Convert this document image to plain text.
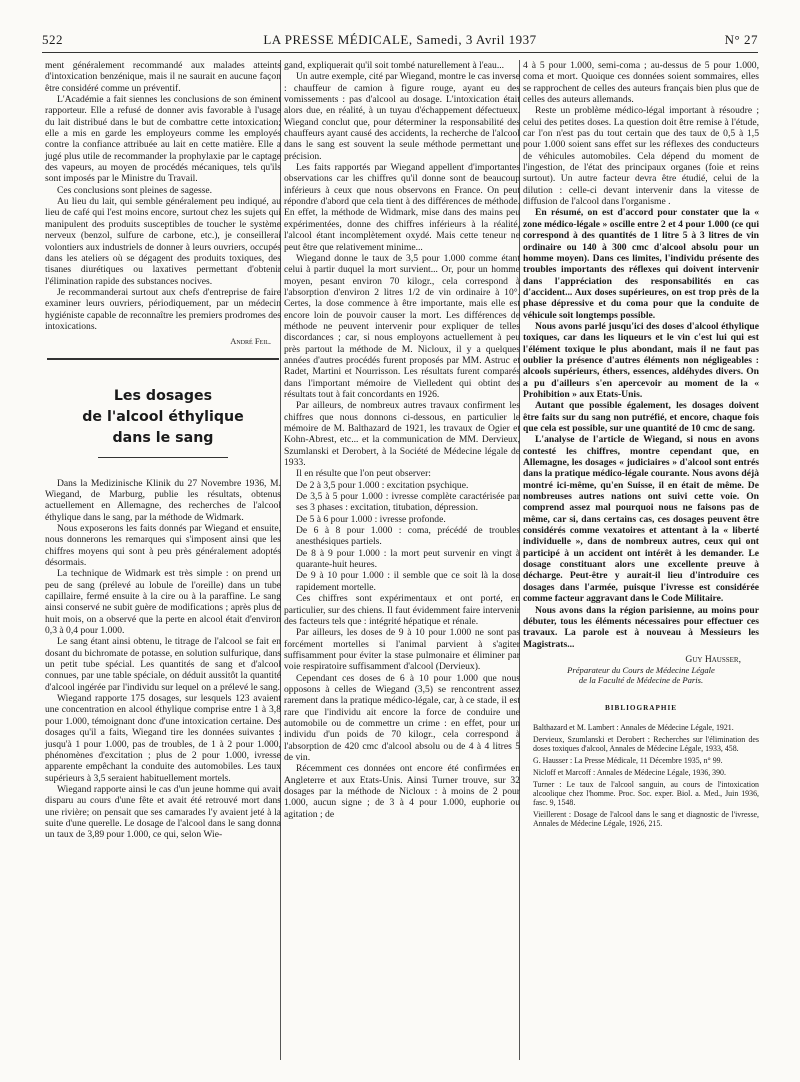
522	LA PRESSE MÉDICALE, Samedi, 3 Avril 1937	N° 27

ment généralement recommandé aux malades atteints d'intoxication benzénique, mais il ne saurait en aucune façon être considéré comme un préventif.

L'Académie a fait siennes les conclusions de son éminent rapporteur. Elle a refusé de donner avis favorable à l'usage du lait distribué dans le but de combattre cette intoxication; elle a mis en garde les employeurs comme les employés contre la confiance attribuée au lait en cette matière. Elle a jugé plus utile de recommander la prophylaxie par le captage des vapeurs, au moyen de procédés mécaniques, tels qu'ils sont imposés par le Ministre du Travail.

Ces conclusions sont pleines de sagesse.

Au lieu du lait, qui semble généralement peu indiqué, au lieu de café qui l'est moins encore, surtout chez les sujets qui manipulent des produits susceptibles de toucher le système nerveux (benzol, sulfure de carbone, etc.), je conseillerai volontiers aux industriels de donner à leurs ouvriers, occupés dans les ateliers où se dégagent des produits toxiques, des tisanes diurétiques ou laxatives permettant d'obtenir l'élimination rapide des substances nocives.

Je recommanderai surtout aux chefs d'entreprise de faire examiner leurs ouvriers, périodiquement, par un médecin hygiéniste capable de reconnaître les premiers prodromes des intoxications.

André Feil.
Les dosages
de l'alcool éthylique
dans le sang

Dans la Medizinische Klinik du 27 Novembre 1936, M. Wiegand, de Marburg, publie les résultats, obtenus actuellement en Allemagne, des recherches de l'alcool éthylique dans le sang, par la méthode de Widmark.

Nous exposerons les faits donnés par Wiegand et ensuite, nous donnerons les remarques qui s'imposent ainsi que les chiffres moyens qui sont à peu près généralement adoptés désormais.

La technique de Widmark est très simple : on prend un peu de sang (prélevé au lobule de l'oreille) dans un tube capillaire, fermé ensuite à la cire ou à la paraffine. Le sang ainsi conservé ne subit guère de modifications ; après plus de huit mois, on a observé que la perte en alcool était d'environ 0,3 à 0,4 pour 1.000.

Le sang étant ainsi obtenu, le titrage de l'alcool se fait en dosant du bichromate de potasse, en solution sulfurique, dans un petit tube spécial. Les quantités de sang et d'alcool connues, par une table spéciale, on déduit aussitôt la quantité d'alcool ingérée par l'individu sur lequel on a prélevé le sang.

Wiegand rapporte 175 dosages, sur lesquels 123 avaient une concentration en alcool éthylique comprise entre 1 à 3,8 pour 1.000, témoignant donc d'une intoxication certaine. Des dosages qu'il a faits, Wiegand tire les données suivantes : jusqu'à 1 pour 1.000, pas de troubles, de 1 à 2 pour 1.000, phénomènes d'excitation ; plus de 2 pour 1.000, ivresse apparente empêchant la conduite des automobiles. Les taux supérieurs à 3,5 seraient habituellement mortels.

Wiegand rapporte ainsi le cas d'un jeune homme qui avait disparu au cours d'une fête et avait été retrouvé mort dans une rivière; on pensait que ses camarades l'y avaient jeté à la suite d'une querelle. Le dosage de l'alcool dans le sang donna un taux de 3,89 pour 1.000, ce qui, selon Wie-

gand, expliquerait qu'il soit tombé naturellement à l'eau...

Un autre exemple, cité par Wiegand, montre le cas inverse : chauffeur de camion à figure rouge, ayant eu des vomissements : pas d'alcool au dosage. L'intoxication était alors due, en réalité, à un tuyau d'échappement défectueux. Wiegand conclut que, pour déterminer la responsabilité des chauffeurs ayant causé des accidents, la recherche de l'alcool dans le sang est souvent la seule méthode permettant une précision.

Les faits rapportés par Wiegand appellent d'importantes observations car les chiffres qu'il donne sont de beaucoup inférieurs à ceux que nous observons en France. On peut répondre d'abord que cela tient à des différences de méthode. En effet, la méthode de Widmark, mise dans des mains peu expérimentées, donne des chiffres inférieurs à la réalité, l'alcool étant incomplètement oxydé. Mais cette teneur ne peut être que relativement minime...

Wiegand donne le taux de 3,5 pour 1.000 comme étant celui à partir duquel la mort survient... Or, pour un homme moyen, pesant environ 70 kilogr., cela correspond à l'absorption d'environ 2 litres 1/2 de vin ordinaire à 10°. Certes, la dose commence à être importante, mais elle est encore loin de pouvoir causer la mort. Les différences de méthode ne peuvent intervenir pour expliquer de telles discordances ; car, si nous employons actuellement à peu près partout la méthode de M. Nicloux, il y a quelques années d'autres procédés furent proposés par MM. Astruc et Radet, Martini et Nourrisson. Les résultats furent comparés dans l'important mémoire de Vielledent qui obtint des résultats tout à fait concordants en 1926.

Par ailleurs, de nombreux autres travaux confirment les chiffres que nous donnons ci-dessous, en particulier le mémoire de M. Balthazard de 1921, les travaux de Ogier et Kohn-Abrest, etc... et la communication de MM. Dervieux, Szumlanski et Derobert, à la Société de Médecine légale de 1933.

Il en résulte que l'on peut observer:

De 2 à 3,5 pour 1.000 : excitation psychique.

De 3,5 à 5 pour 1.000 : ivresse complète caractérisée par ses 3 phases : excitation, titubation, dépression.

De 5 à 6 pour 1.000 : ivresse profonde.

De 6 à 8 pour 1.000 : coma, précédé de troubles anesthésiques partiels.

De 8 à 9 pour 1.000 : la mort peut survenir en vingt à quarante-huit heures.

De 9 à 10 pour 1.000 : il semble que ce soit là la dose rapidement mortelle.

Ces chiffres sont expérimentaux et ont porté, en particulier, sur des chiens. Il faut évidemment faire intervenir des facteurs tels que : intégrité hépatique et rénale.

Par ailleurs, les doses de 9 à 10 pour 1.000 ne sont pas forcément mortelles si l'animal parvient à s'agiter suffisamment pour éviter la stase pulmonaire et éliminer par voie respiratoire suffisamment d'alcool (Dervieux).

Cependant ces doses de 6 à 10 pour 1.000 que nous opposons à celles de Wiegand (3,5) se rencontrent assez rarement dans la pratique médico-légale, car, à ce stade, il est rare que l'individu ait encore la force de conduire une automobile ou de commettre un crime : en effet, pour un individu d'un poids de 70 kilogr., cela correspond à l'absorption de 420 cmc d'alcool absolu ou de 4 à 4 litres 5 de vin.

Récemment ces données ont encore été confirmées en Angleterre et aux Etats-Unis. Ainsi Turner trouve, sur 32 dosages par la méthode de Nicloux : à moins de 2 pour 1.000, aucun signe ; de 3 à 4 pour 1.000, euphorie ou agitation ; de

4 à 5 pour 1.000, semi-coma ; au-dessus de 5 pour 1.000, coma et mort. Quoique ces données soient sommaires, elles se rapprochent de celles des auteurs français bien plus que de celles des auteurs allemands.

Reste un problème médico-légal important à résoudre ; celui des petites doses. La question doit être remise à l'étude, car l'on n'est pas du tout certain que des taux de 0,5 à 1,5 pour 1.000 soient sans effet sur les réflexes des conducteurs de véhicules automobiles. Cela dépend du moment de l'ingestion, de l'état des principaux organes (foie et reins surtout). Un autre facteur devra être étudié, celui de la dilution : celle-ci devant intervenir dans la vitesse de diffusion de l'alcool dans l'organisme .

En résumé, on est d'accord pour constater que la « zone médico-légale » oscille entre 2 et 4 pour 1.000 (ce qui correspond à des quantités de 1 litre 5 à 3 litres de vin ordinaire ou 140 à 300 cmc d'alcool absolu pour un homme moyen). Dans ces limites, l'individu présente des troubles importants des réflexes qui doivent intervenir dans l'appréciation des responsabilités en cas d'accident... Aux doses supérieures, on est trop près de la phase dépressive et du coma pour que la conduite de véhicule soit longtemps possible.

Nous avons parlé jusqu'ici des doses d'alcool éthylique toxiques, car dans les liqueurs et le vin c'est lui qui est l'élément toxique le plus abondant, mais il ne faut pas oublier la présence d'autres éléments non négligeables : alcools supérieurs, éthers, essences, aldéhydes divers. On a pu d'ailleurs s'en apercevoir au moment de la « Prohibition » aux Etats-Unis.

Autant que possible également, les dosages doivent être faits sur du sang non putréfié, et encore, chaque fois que cela est possible, sur une quantité de 10 cmc de sang.

L'analyse de l'article de Wiegand, si nous en avons contesté les chiffres, montre cependant que, en Allemagne, les dosages « judiciaires » d'alcool sont entrés dans la pratique médico-légale courante. Nous avons déjà montré ici-même, qu'en Suisse, il en était de même. De nombreuses autres nations ont suivi cette voie. On comprend assez mal pourquoi nous ne faisons pas de même, car si, dans certains cas, ces dosages peuvent être considérés comme vexatoires et attentant à la « liberté individuelle », dans de nombreux autres, ceux qui ont participé à un accident ont intérêt à les demander. Le dosage constituant alors une excellente preuve à décharge. Peut-être y aurait-il lieu d'introduire ces dosages dans l'armée, puisque l'ivresse est considérée comme facteur aggravant dans le Code Militaire.

Nous avons dans la région parisienne, au moins pour débuter, tous les éléments nécessaires pour effectuer ces travaux. La parole est à nouveau à Messieurs les Magistrats...

Guy Hausser,
Préparateur du Cours de Médecine Légale
de la Faculté de Médecine de Paris.
BIBLIOGRAPHIE

Balthazard et M. Lambert : Annales de Médecine Légale, 1921.

Dervieux, Szumlanski et Derobert : Recherches sur l'élimination des doses toxiques d'alcool, Annales de Médecine Légale, 1933, 458.

G. Hausser : La Presse Médicale, 11 Décembre 1935, n° 99.

Nicloff et Marcoff : Annales de Médecine Légale, 1936, 390.

Turner : Le taux de l'alcool sanguin, au cours de l'intoxication alcoolique chez l'homme. Proc. Soc. exper. Biol. a. Med., Juin 1936, fasc. 9, 1548.

Vieillerent : Dosage de l'alcool dans le sang et diagnostic de l'ivresse, Annales de Médecine Légale, 1926, 215.
